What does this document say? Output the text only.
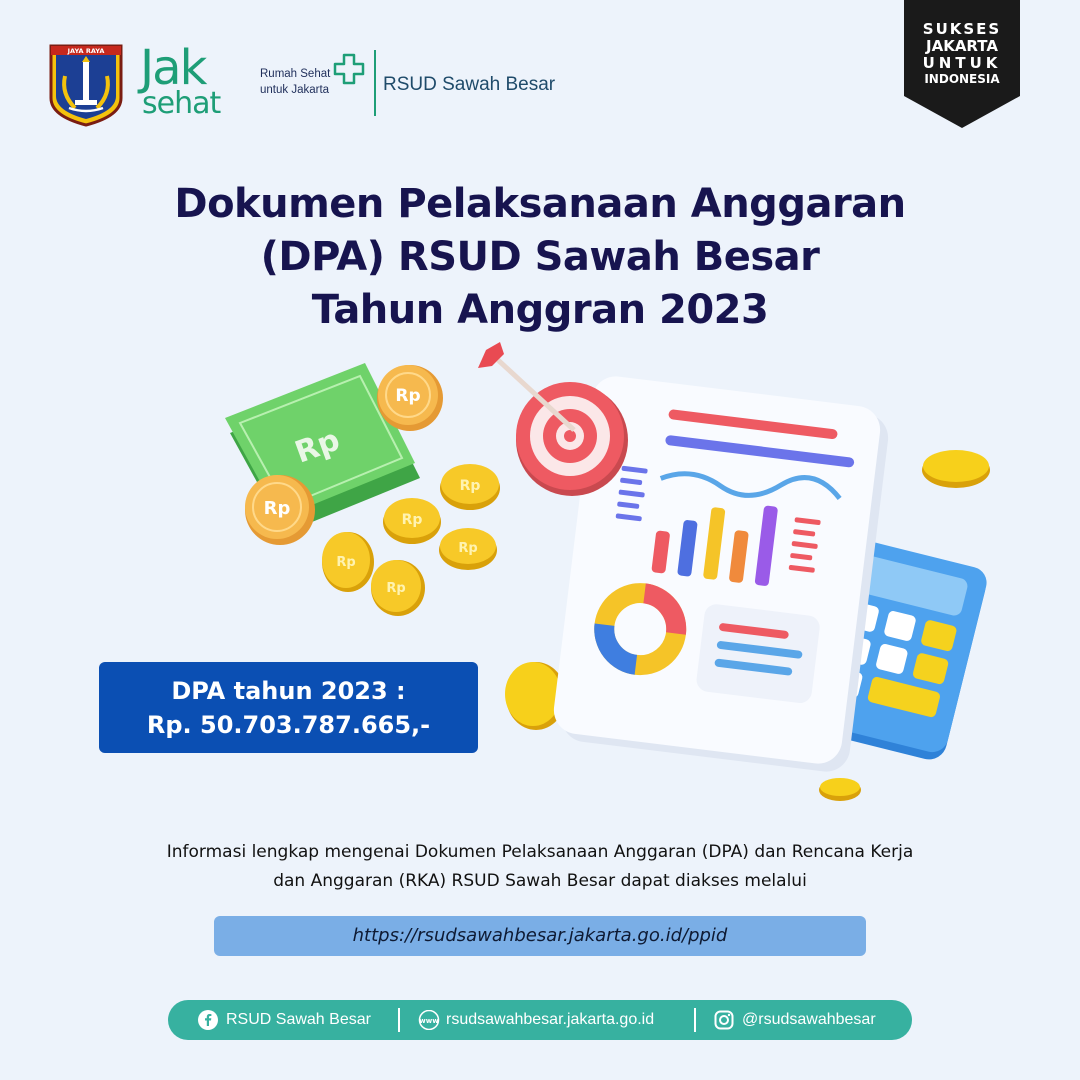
JAYA RAYA Jak
sehat
Rumah Sehat
untuk Jakarta	RSUD Sawah Besar
SUKSES
JAKARTA
UNTUK
INDONESIA
Dokumen Pelaksanaan Anggaran
(DPA) RSUD Sawah Besar
Tahun Anggran 2023
Rp
Rp
Rp
Rp
Rp
Rp
Rp
Rp
DPA tahun 2023 :
Rp. 50.703.787.665,-
Informasi lengkap mengenai Dokumen Pelaksanaan Anggaran (DPA) dan Rencana Kerja
dan Anggaran (RKA) RSUD Sawah Besar dapat diakses melalui
https://rsudsawahbesar.jakarta.go.id/ppid
RSUD Sawah Besar	www rsudsawahbesar.jakarta.go.id	@rsudsawahbesar
